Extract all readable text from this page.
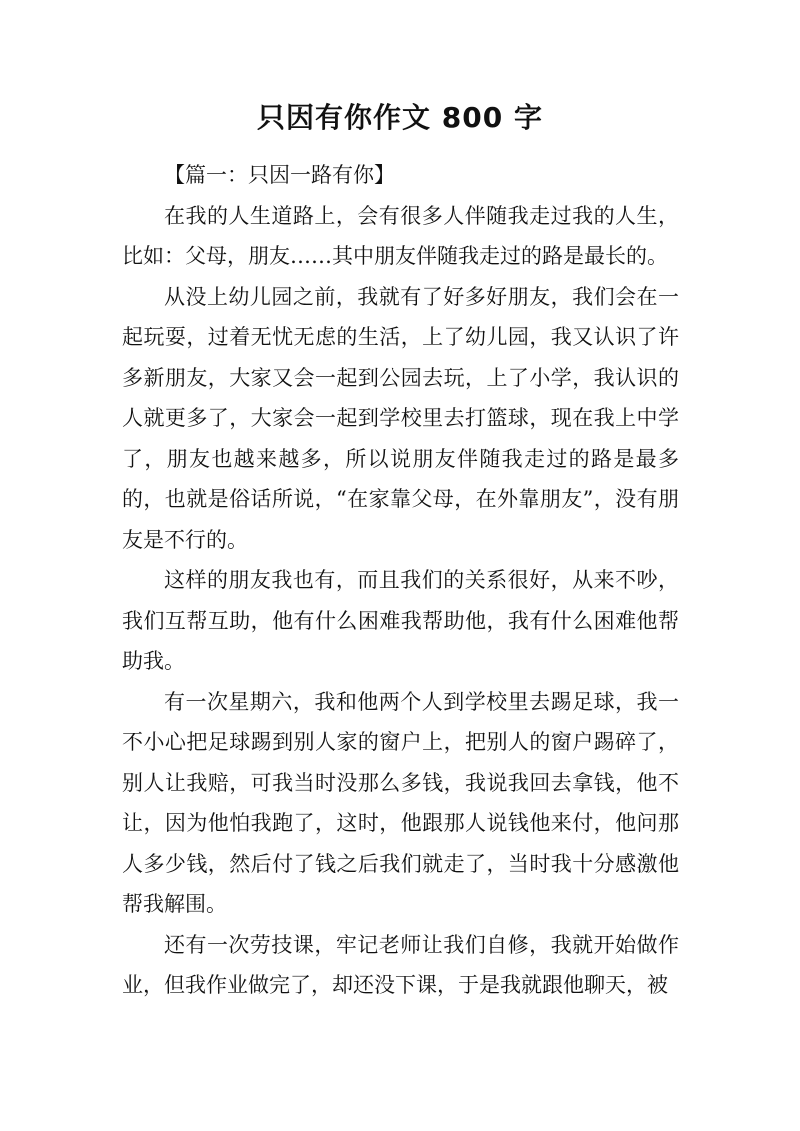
只因有你作文 800 字

【篇一：只因一路有你】

在我的人生道路上，会有很多人伴随我走过我的人生，比如：父母，朋友……其中朋友伴随我走过的路是最长的。

从没上幼儿园之前，我就有了好多好朋友，我们会在一起玩耍，过着无忧无虑的生活，上了幼儿园，我又认识了许多新朋友，大家又会一起到公园去玩，上了小学，我认识的人就更多了，大家会一起到学校里去打篮球，现在我上中学了，朋友也越来越多，所以说朋友伴随我走过的路是最多的，也就是俗话所说，“在家靠父母，在外靠朋友”，没有朋友是不行的。

这样的朋友我也有，而且我们的关系很好，从来不吵，我们互帮互助，他有什么困难我帮助他，我有什么困难他帮助我。

有一次星期六，我和他两个人到学校里去踢足球，我一不小心把足球踢到别人家的窗户上，把别人的窗户踢碎了，别人让我赔，可我当时没那么多钱，我说我回去拿钱，他不让，因为他怕我跑了，这时，他跟那人说钱他来付，他问那人多少钱，然后付了钱之后我们就走了，当时我十分感激他帮我解围。

还有一次劳技课，牢记老师让我们自修，我就开始做作业，但我作业做完了，却还没下课，于是我就跟他聊天，被
